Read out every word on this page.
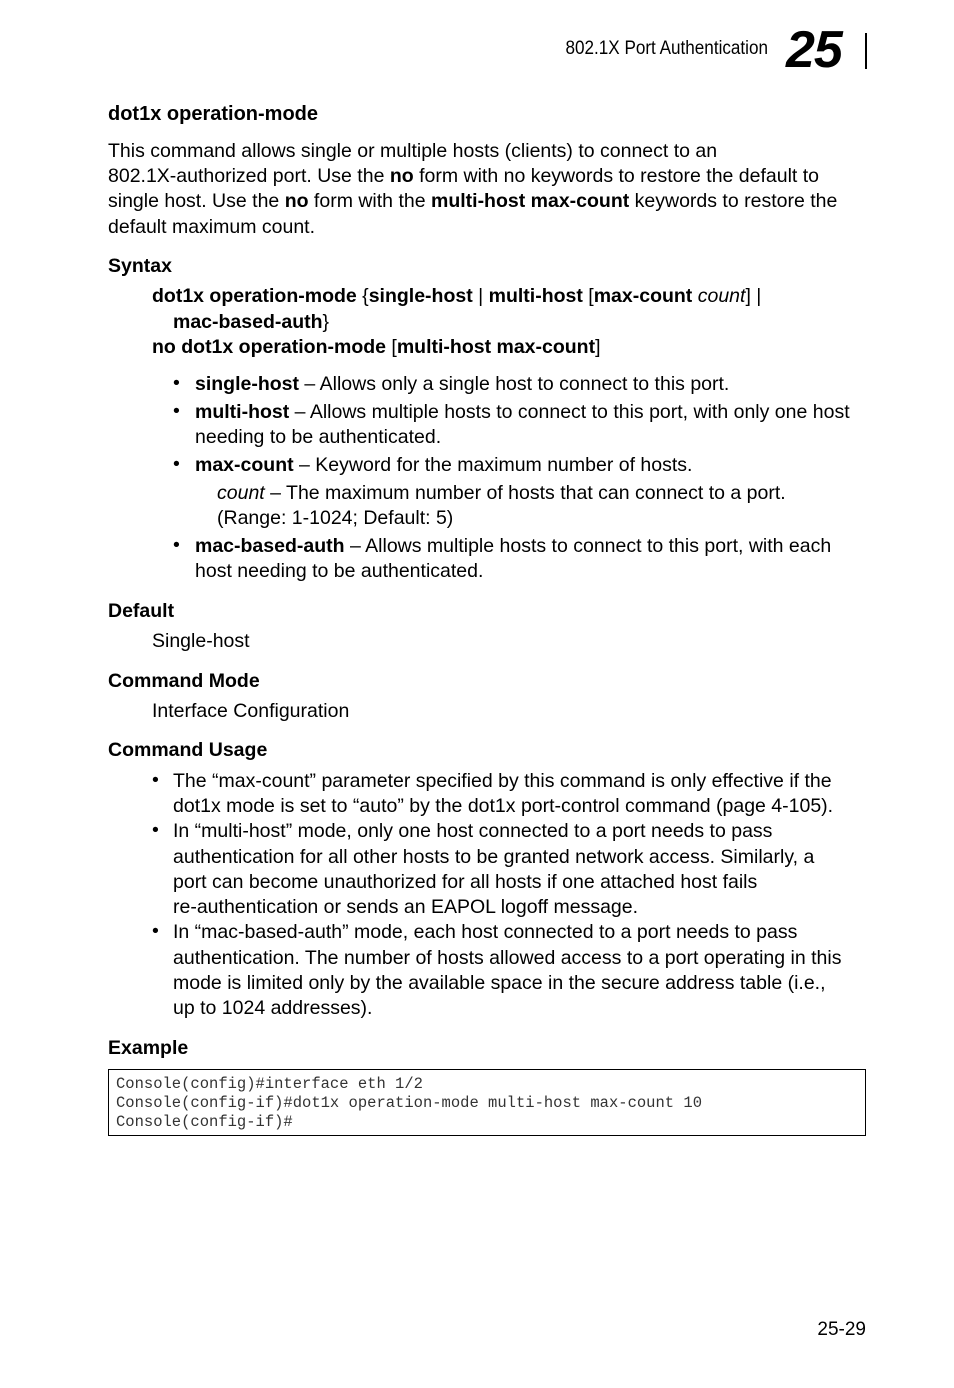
802.1X Port Authentication 25
dot1x operation-mode
This command allows single or multiple hosts (clients) to connect to an
802.1X-authorized port. Use the no form with no keywords to restore the default to
single host. Use the no form with the multi-host max-count keywords to restore the
default maximum count.
Syntax
dot1x operation-mode {single-host | multi-host [max-count count] |
mac-based-auth}
no dot1x operation-mode [multi-host max-count]
• single-host – Allows only a single host to connect to this port.
• multi-host – Allows multiple hosts to connect to this port, with only one host
needing to be authenticated.
• max-count – Keyword for the maximum number of hosts.
count – The maximum number of hosts that can connect to a port.
(Range: 1-1024; Default: 5)
• mac-based-auth – Allows multiple hosts to connect to this port, with each
host needing to be authenticated.
Default
Single-host
Command Mode
Interface Configuration
Command Usage
• The “max-count” parameter specified by this command is only effective if the
dot1x mode is set to “auto” by the dot1x port-control command (page 4-105).
• In “multi-host” mode, only one host connected to a port needs to pass
authentication for all other hosts to be granted network access. Similarly, a
port can become unauthorized for all hosts if one attached host fails
re-authentication or sends an EAPOL logoff message.
• In “mac-based-auth” mode, each host connected to a port needs to pass
authentication. The number of hosts allowed access to a port operating in this
mode is limited only by the available space in the secure address table (i.e.,
up to 1024 addresses).
Example
Console(config)#interface eth 1/2
Console(config-if)#dot1x operation-mode multi-host max-count 10
Console(config-if)#
25-29
